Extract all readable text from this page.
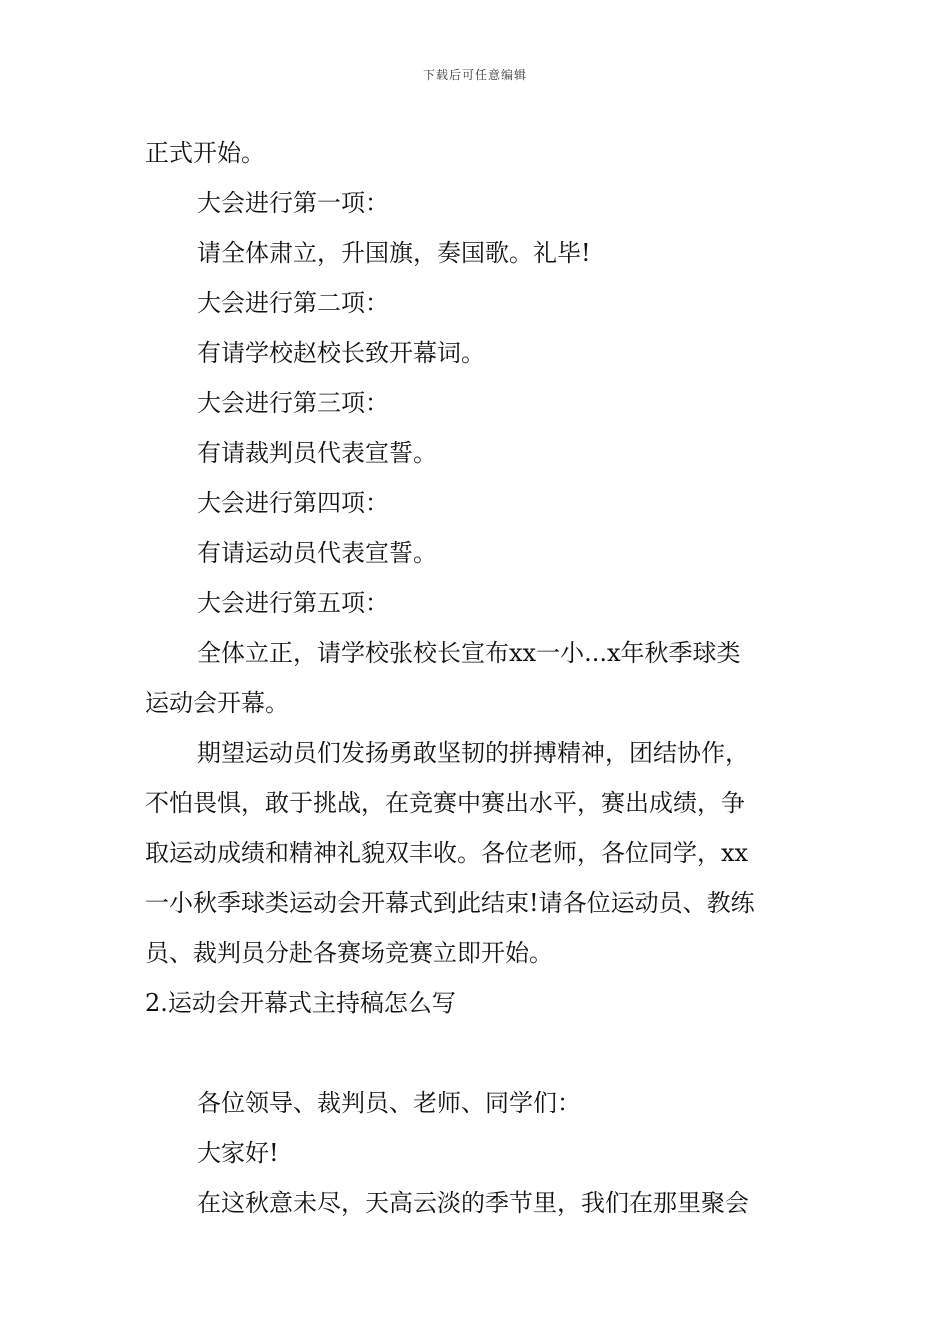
下载后可任意编辑

正式开始。

大会进行第一项：

请全体肃立，升国旗，奏国歌。礼毕!

大会进行第二项：

有请学校赵校长致开幕词。

大会进行第三项：

有请裁判员代表宣誓。

大会进行第四项：

有请运动员代表宣誓。

大会进行第五项：

全体立正，请学校张校长宣布xx一小...x年秋季球类

运动会开幕。

期望运动员们发扬勇敢坚韧的拼搏精神，团结协作，

不怕畏惧，敢于挑战，在竞赛中赛出水平，赛出成绩，争

取运动成绩和精神礼貌双丰收。各位老师，各位同学，xx

一小秋季球类运动会开幕式到此结束!请各位运动员、教练

员、裁判员分赴各赛场竞赛立即开始。

2.运动会开幕式主持稿怎么写

各位领导、裁判员、老师、同学们：

大家好!

在这秋意未尽，天高云淡的季节里，我们在那里聚会
